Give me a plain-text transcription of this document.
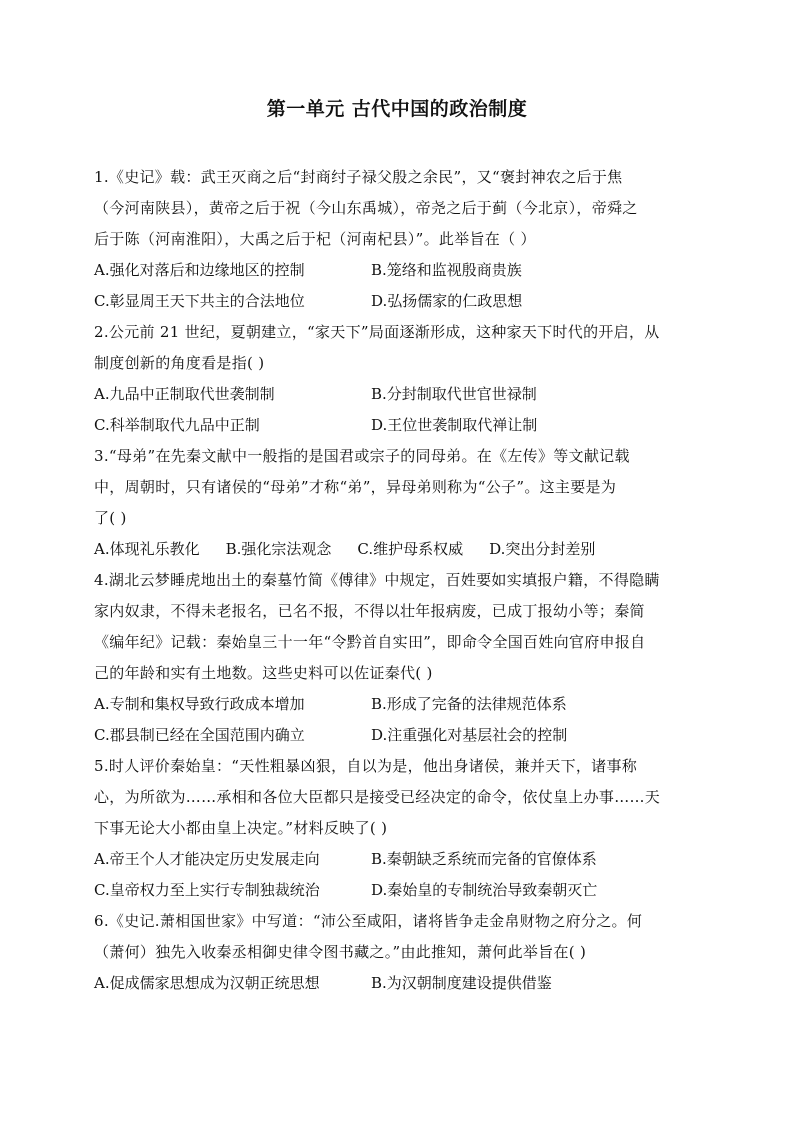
第一单元 古代中国的政治制度
1.《史记》载：武王灭商之后“封商纣子禄父殷之余民”，又“褒封神农之后于焦
（今河南陕县），黄帝之后于祝（今山东禹城），帝尧之后于蓟（今北京），帝舜之
后于陈（河南淮阳），大禹之后于杞（河南杞县）”。此举旨在（ ）
A.强化对落后和边缘地区的控制	B.笼络和监视殷商贵族
C.彰显周王天下共主的合法地位	D.弘扬儒家的仁政思想
2.公元前 21 世纪，夏朝建立，“家天下”局面逐渐形成，这种家天下时代的开启，从
制度创新的角度看是指( )
A.九品中正制取代世袭制制	B.分封制取代世官世禄制
C.科举制取代九品中正制	D.王位世袭制取代禅让制
3.“母弟”在先秦文献中一般指的是国君或宗子的同母弟。在《左传》等文献记载
中，周朝时，只有诸侯的“母弟”才称“弟”，异母弟则称为“公子”。这主要是为
了( )
A.体现礼乐教化 B.强化宗法观念 C.维护母系权威 D.突出分封差别
4.湖北云梦睡虎地出土的秦墓竹简《傅律》中规定，百姓要如实填报户籍，不得隐瞒
家内奴隶，不得未老报名，已名不报，不得以壮年报病废，已成丁报幼小等；秦简
《编年纪》记载：秦始皇三十一年“令黔首自实田”，即命令全国百姓向官府申报自
己的年龄和实有土地数。这些史料可以佐证秦代( )
A.专制和集权导致行政成本增加	B.形成了完备的法律规范体系
C.郡县制已经在全国范围内确立	D.注重强化对基层社会的控制
5.时人评价秦始皇：“天性粗暴凶狠，自以为是，他出身诸侯，兼并天下，诸事称
心，为所欲为……承相和各位大臣都只是接受已经决定的命令，依仗皇上办事……天
下事无论大小都由皇上决定。”材料反映了( )
A.帝王个人才能决定历史发展走向	B.秦朝缺乏系统而完备的官僚体系
C.皇帝权力至上实行专制独裁统治	D.秦始皇的专制统治导致秦朝灭亡
6.《史记.萧相国世家》中写道：“沛公至咸阳，诸将皆争走金帛财物之府分之。何
（萧何）独先入收秦丞相御史律令图书藏之。”由此推知，萧何此举旨在( )
A.促成儒家思想成为汉朝正统思想	B.为汉朝制度建设提供借鉴
